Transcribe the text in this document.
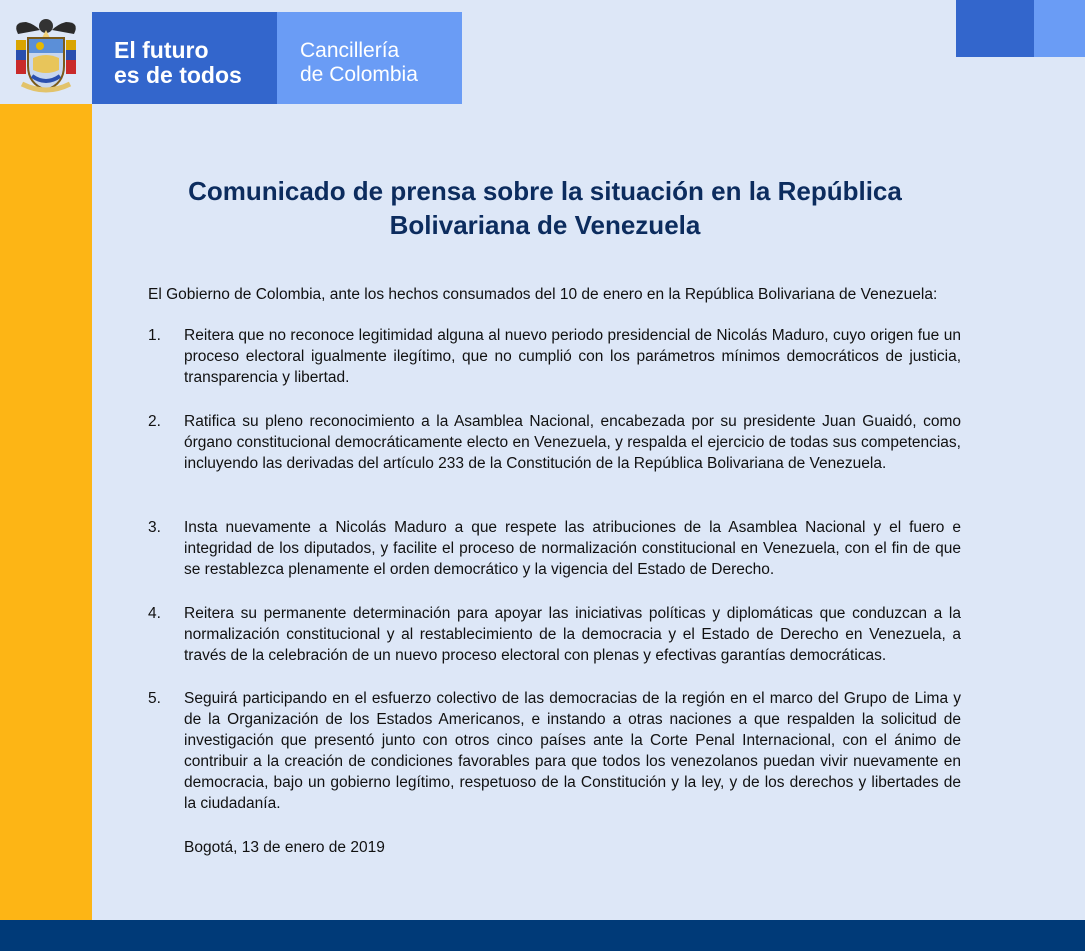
El futuro
es de todos
Cancillería
de Colombia
Comunicado de prensa sobre la situación en la República
Bolivariana de Venezuela
El Gobierno de Colombia, ante los hechos consumados del 10 de enero en la República Bolivariana de Venezuela:
1. Reitera que no reconoce legitimidad alguna al nuevo periodo presidencial de Nicolás Maduro, cuyo origen fue un proceso electoral igualmente ilegítimo, que no cumplió con los parámetros mínimos democráticos de justicia, transparencia y libertad.
2. Ratifica su pleno reconocimiento a la Asamblea Nacional, encabezada por su presidente Juan Guaidó, como órgano constitucional democráticamente electo en Venezuela, y respalda el ejercicio de todas sus competencias, incluyendo las derivadas del artículo 233 de la Constitución de la República Bolivariana de Venezuela.
3. Insta nuevamente a Nicolás Maduro a que respete las atribuciones de la Asamblea Nacional y el fuero e integridad de los diputados, y facilite el proceso de normalización constitucional en Venezuela, con el fin de que se restablezca plenamente el orden democrático y la vigencia del Estado de Derecho.
4. Reitera su permanente determinación para apoyar las iniciativas políticas y diplomáticas que conduzcan a la normalización constitucional y al restablecimiento de la democracia y el Estado de Derecho en Venezuela, a través de la celebración de un nuevo proceso electoral con plenas y efectivas garantías democráticas.
5. Seguirá participando en el esfuerzo colectivo de las democracias de la región en el marco del Grupo de Lima y de la Organización de los Estados Americanos, e instando a otras naciones a que respalden la solicitud de investigación que presentó junto con otros cinco países ante la Corte Penal Internacional, con el ánimo de contribuir a la creación de condiciones favorables para que todos los venezolanos puedan vivir nuevamente en democracia, bajo un gobierno legítimo, respetuoso de la Constitución y la ley, y de los derechos y libertades de la ciudadanía.
Bogotá, 13 de enero de 2019
